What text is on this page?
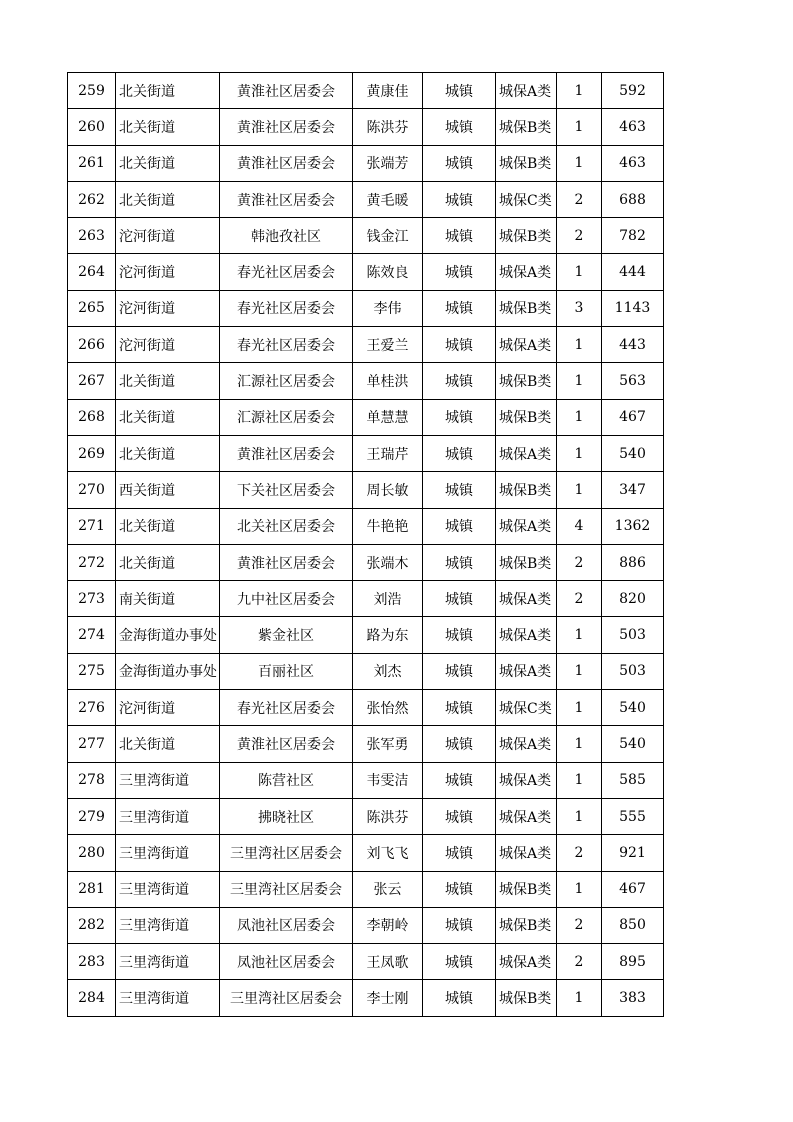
259	北关街道	黄淮社区居委会	黄康佳	城镇	城保A类	1	592
260	北关街道	黄淮社区居委会	陈洪芬	城镇	城保B类	1	463
261	北关街道	黄淮社区居委会	张端芳	城镇	城保B类	1	463
262	北关街道	黄淮社区居委会	黄毛暖	城镇	城保C类	2	688
263	沱河街道	韩池孜社区	钱金江	城镇	城保B类	2	782
264	沱河街道	春光社区居委会	陈效良	城镇	城保A类	1	444
265	沱河街道	春光社区居委会	李伟	城镇	城保B类	3	1143
266	沱河街道	春光社区居委会	王爱兰	城镇	城保A类	1	443
267	北关街道	汇源社区居委会	单桂洪	城镇	城保B类	1	563
268	北关街道	汇源社区居委会	单慧慧	城镇	城保B类	1	467
269	北关街道	黄淮社区居委会	王瑞芹	城镇	城保A类	1	540
270	西关街道	下关社区居委会	周长敏	城镇	城保B类	1	347
271	北关街道	北关社区居委会	牛艳艳	城镇	城保A类	4	1362
272	北关街道	黄淮社区居委会	张端木	城镇	城保B类	2	886
273	南关街道	九中社区居委会	刘浩	城镇	城保A类	2	820
274	金海街道办事处	紫金社区	路为东	城镇	城保A类	1	503
275	金海街道办事处	百丽社区	刘杰	城镇	城保A类	1	503
276	沱河街道	春光社区居委会	张怡然	城镇	城保C类	1	540
277	北关街道	黄淮社区居委会	张军勇	城镇	城保A类	1	540
278	三里湾街道	陈营社区	韦雯洁	城镇	城保A类	1	585
279	三里湾街道	拂晓社区	陈洪芬	城镇	城保A类	1	555
280	三里湾街道	三里湾社区居委会	刘飞飞	城镇	城保A类	2	921
281	三里湾街道	三里湾社区居委会	张云	城镇	城保B类	1	467
282	三里湾街道	凤池社区居委会	李朝岭	城镇	城保B类	2	850
283	三里湾街道	凤池社区居委会	王凤歌	城镇	城保A类	2	895
284	三里湾街道	三里湾社区居委会	李士刚	城镇	城保B类	1	383
